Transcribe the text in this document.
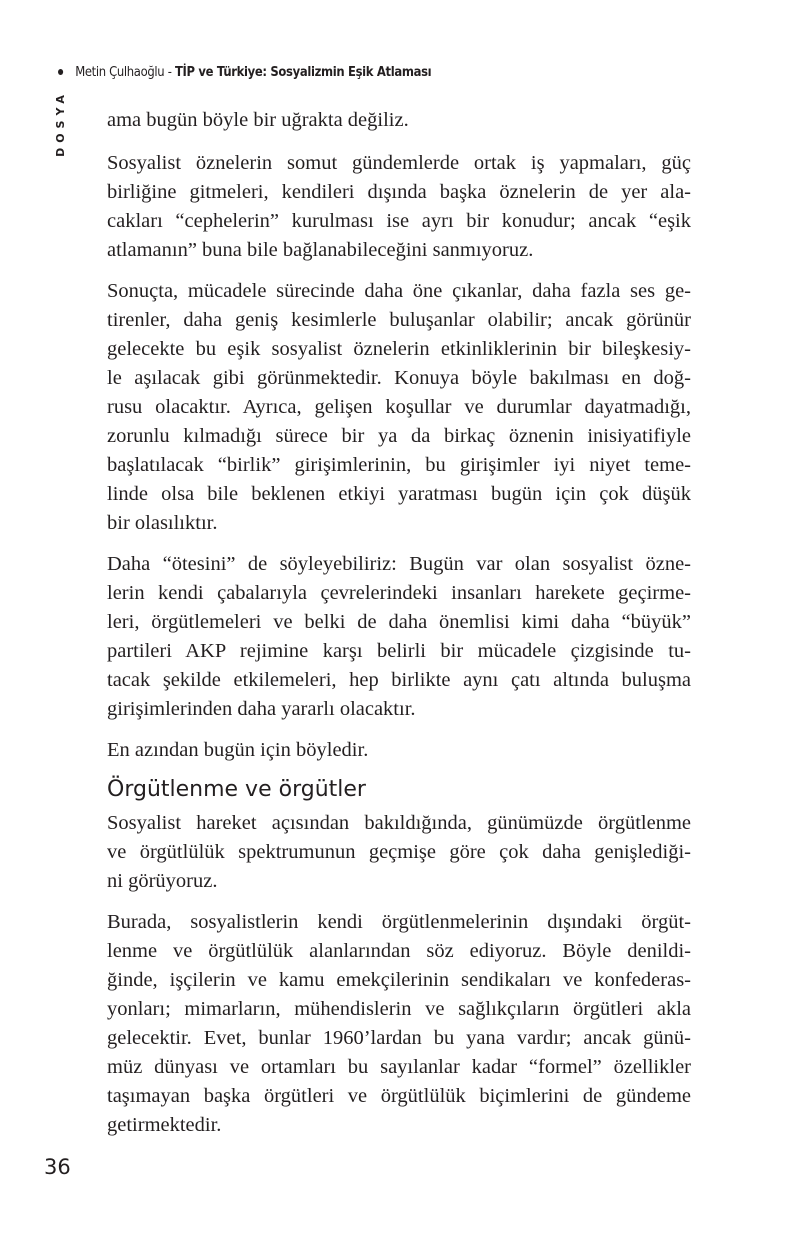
Metin Çulhaoğlu - TİP ve Türkiye: Sosyalizmin Eşik Atlaması
DOSYA ama bugün böyle bir uğrakta değiliz.

Sosyalist öznelerin somut gündemlerde ortak iş yapmaları, güç
birliğine gitmeleri, kendileri dışında başka öznelerin de yer ala-
cakları “cephelerin” kurulması ise ayrı bir konudur; ancak “eşik
atlamanın” buna bile bağlanabileceğini sanmıyoruz.

Sonuçta, mücadele sürecinde daha öne çıkanlar, daha fazla ses ge-
tirenler, daha geniş kesimlerle buluşanlar olabilir; ancak görünür
gelecekte bu eşik sosyalist öznelerin etkinliklerinin bir bileşkesiy-
le aşılacak gibi görünmektedir. Konuya böyle bakılması en doğ-
rusu olacaktır. Ayrıca, gelişen koşullar ve durumlar dayatmadığı,
zorunlu kılmadığı sürece bir ya da birkaç öznenin inisiyatifiyle
başlatılacak “birlik” girişimlerinin, bu girişimler iyi niyet teme-
linde olsa bile beklenen etkiyi yaratması bugün için çok düşük
bir olasılıktır.

Daha “ötesini” de söyleyebiliriz: Bugün var olan sosyalist özne-
lerin kendi çabalarıyla çevrelerindeki insanları harekete geçirme-
leri, örgütlemeleri ve belki de daha önemlisi kimi daha “büyük”
partileri AKP rejimine karşı belirli bir mücadele çizgisinde tu-
tacak şekilde etkilemeleri, hep birlikte aynı çatı altında buluşma
girişimlerinden daha yararlı olacaktır.

En azından bugün için böyledir.

Örgütlenme ve örgütler

Sosyalist hareket açısından bakıldığında, günümüzde örgütlenme
ve örgütlülük spektrumunun geçmişe göre çok daha genişlediği-
ni görüyoruz.

Burada, sosyalistlerin kendi örgütlenmelerinin dışındaki örgüt-
lenme ve örgütlülük alanlarından söz ediyoruz. Böyle denildi-
ğinde, işçilerin ve kamu emekçilerinin sendikaları ve konfederas-
yonları; mimarların, mühendislerin ve sağlıkçıların örgütleri akla
gelecektir. Evet, bunlar 1960’lardan bu yana vardır; ancak günü-
müz dünyası ve ortamları bu sayılanlar kadar “formel” özellikler
taşımayan başka örgütleri ve örgütlülük biçimlerini de gündeme
getirmektedir.

36
